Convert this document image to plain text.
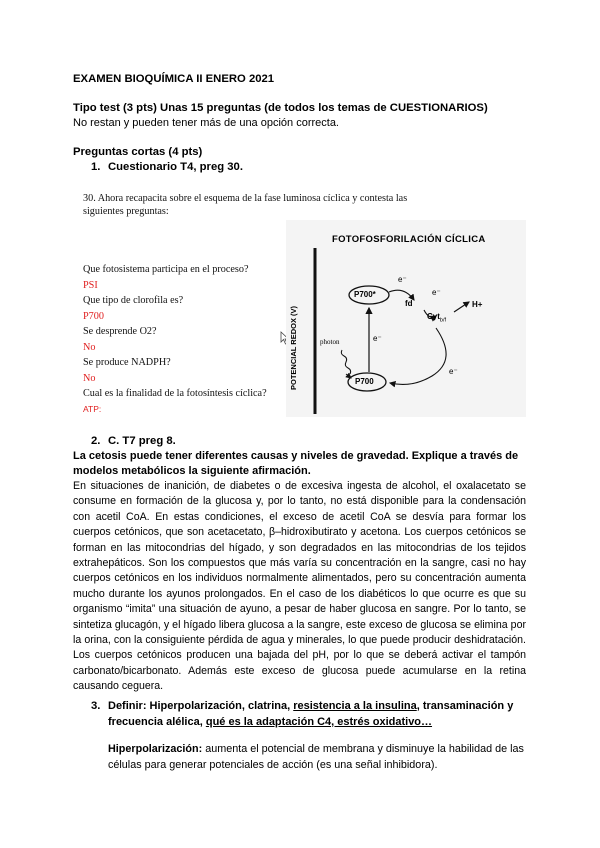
EXAMEN BIOQUÍMICA II ENERO 2021
Tipo test (3 pts) Unas 15 preguntas (de todos los temas de CUESTIONARIOS)
No restan y pueden tener más de una opción correcta.
Preguntas cortas (4 pts)
1. Cuestionario T4, preg 30.
30. Ahora recapacita sobre el esquema de la fase luminosa cíclica y contesta las
siguientes preguntas:
Que fotosistema participa en el proceso?
PSI
Que tipo de clorofila es?
P700
Se desprende O2?
No
Se produce NADPH?
No
Cual es la finalidad de la fotosíntesis cíclica?
ATP:
FOTOFOSFORILACIÓN CÍCLICA
POTENCIAL REDOX (V)
P700*
P700
e⁻
e⁻
e⁻
e⁻
fd
Cyt$_{b/f}$
H+
photon
2. C. T7 preg 8.
La cetosis puede tener diferentes causas y niveles de gravedad. Explique a través de
modelos metabólicos la siguiente afirmación.
En situaciones de inanición, de diabetes o de excesiva ingesta de alcohol, el oxalacetato se consume en formación de la glucosa y, por lo tanto, no está disponible para la condensación con acetil CoA. En estas condiciones, el exceso de acetil CoA se desvía para formar los cuerpos cetónicos, que son acetacetato, β–hidroxibutirato y acetona. Los cuerpos cetónicos se forman en las mitocondrias del hígado, y son degradados en las mitocondrias de los tejidos extrahepáticos. Son los compuestos que más varía su concentración en la sangre, casi no hay cuerpos cetónicos en los individuos normalmente alimentados, pero su concentración aumenta mucho durante los ayunos prolongados. En el caso de los diabéticos lo que ocurre es que su organismo “imita” una situación de ayuno, a pesar de haber glucosa en sangre. Por lo tanto, se sintetiza glucagón, y el hígado libera glucosa a la sangre, este exceso de glucosa se elimina por la orina, con la consiguiente pérdida de agua y minerales, lo que puede producir deshidratación. Los cuerpos cetónicos producen una bajada del pH, por lo que se deberá activar el tampón carbonato/bicarbonato. Además este exceso de glucosa puede acumularse en la retina causando ceguera.
3. Definir: Hiperpolarización, clatrina, resistencia a la insulina, transaminación y
frecuencia alélica, qué es la adaptación C4, estrés oxidativo…
Hiperpolarización: aumenta el potencial de membrana y disminuye la habilidad de las células para generar potenciales de acción (es una señal inhibidora).
